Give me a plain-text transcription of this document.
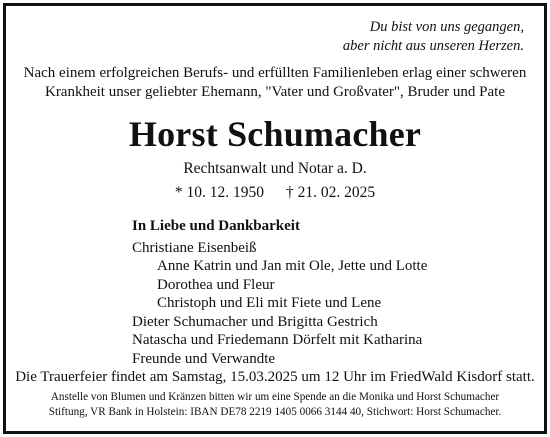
Du bist von uns gegangen,
aber nicht aus unseren Herzen.
Nach einem erfolgreichen Berufs- und erfüllten Familienleben erlag einer schweren
Krankheit unser geliebter Ehemann, "Vater und Großvater", Bruder und Pate
Horst Schumacher
Rechtsanwalt und Notar a. D.
* 10. 12. 1950 † 21. 02. 2025
In Liebe und Dankbarkeit
Christiane Eisenbeiß
Anne Katrin und Jan mit Ole, Jette und Lotte
Dorothea und Fleur
Christoph und Eli mit Fiete und Lene
Dieter Schumacher und Brigitta Gestrich
Natascha und Friedemann Dörfelt mit Katharina
Freunde und Verwandte
Die Trauerfeier findet am Samstag, 15.03.2025 um 12 Uhr im FriedWald Kisdorf statt.
Anstelle von Blumen und Kränzen bitten wir um eine Spende an die Monika und Horst Schumacher
Stiftung, VR Bank in Holstein: IBAN DE78 2219 1405 0066 3144 40, Stichwort: Horst Schumacher.
